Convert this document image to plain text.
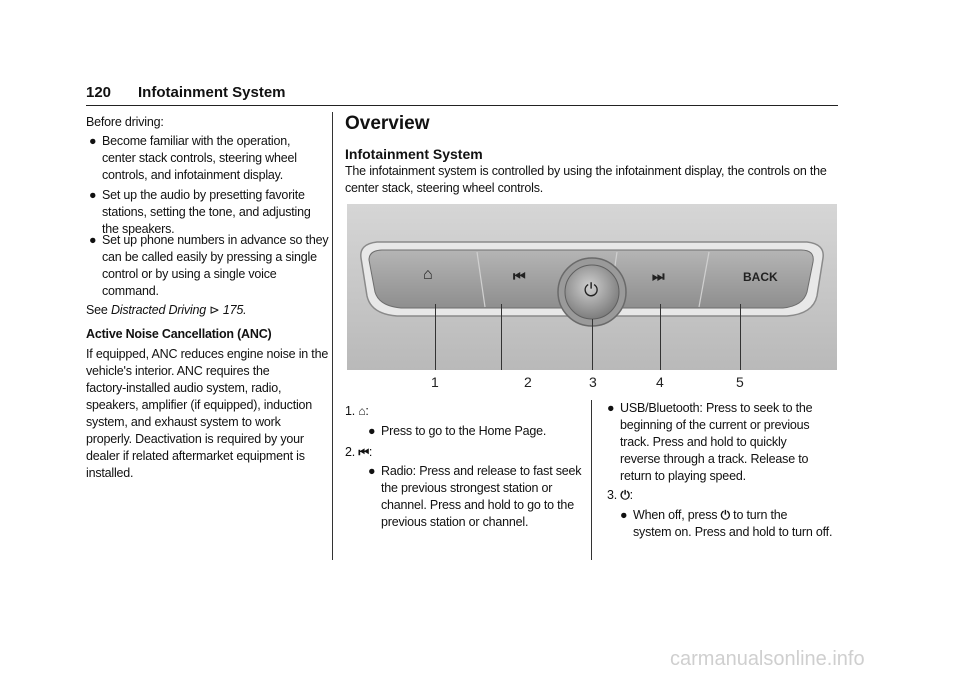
120 Infotainment System
Before driving:
● Become familiar with the operation,
center stack controls, steering wheel
controls, and infotainment display.
● Set up the audio by presetting favorite
stations, setting the tone, and adjusting
the speakers.
● Set up phone numbers in advance so they
can be called easily by pressing a single
control or by using a single voice
command.
See Distracted Driving ⊳ 175.
Active Noise Cancellation (ANC)
If equipped, ANC reduces engine noise in the
vehicle's interior. ANC requires the
factory-installed audio system, radio,
speakers, amplifier (if equipped), induction
system, and exhaust system to work
properly. Deactivation is required by your
dealer if related aftermarket equipment is
installed.
Overview
Infotainment System
The infotainment system is controlled by using the infotainment display, the controls on the
center stack, steering wheel controls.
⌂	⏮
⏻
⏭	BACK
1	2	3	4	5
1. ⌂:
● Press to go to the Home Page.
2. ⏮:
● Radio: Press and release to fast seek
the previous strongest station or
channel. Press and hold to go to the
previous station or channel.
● USB/Bluetooth: Press to seek to the
beginning of the current or previous
track. Press and hold to quickly
reverse through a track. Release to
return to playing speed.
3. ⏻:
● When off, press ⏻ to turn the
system on. Press and hold to turn off.
carmanualsonline.info
